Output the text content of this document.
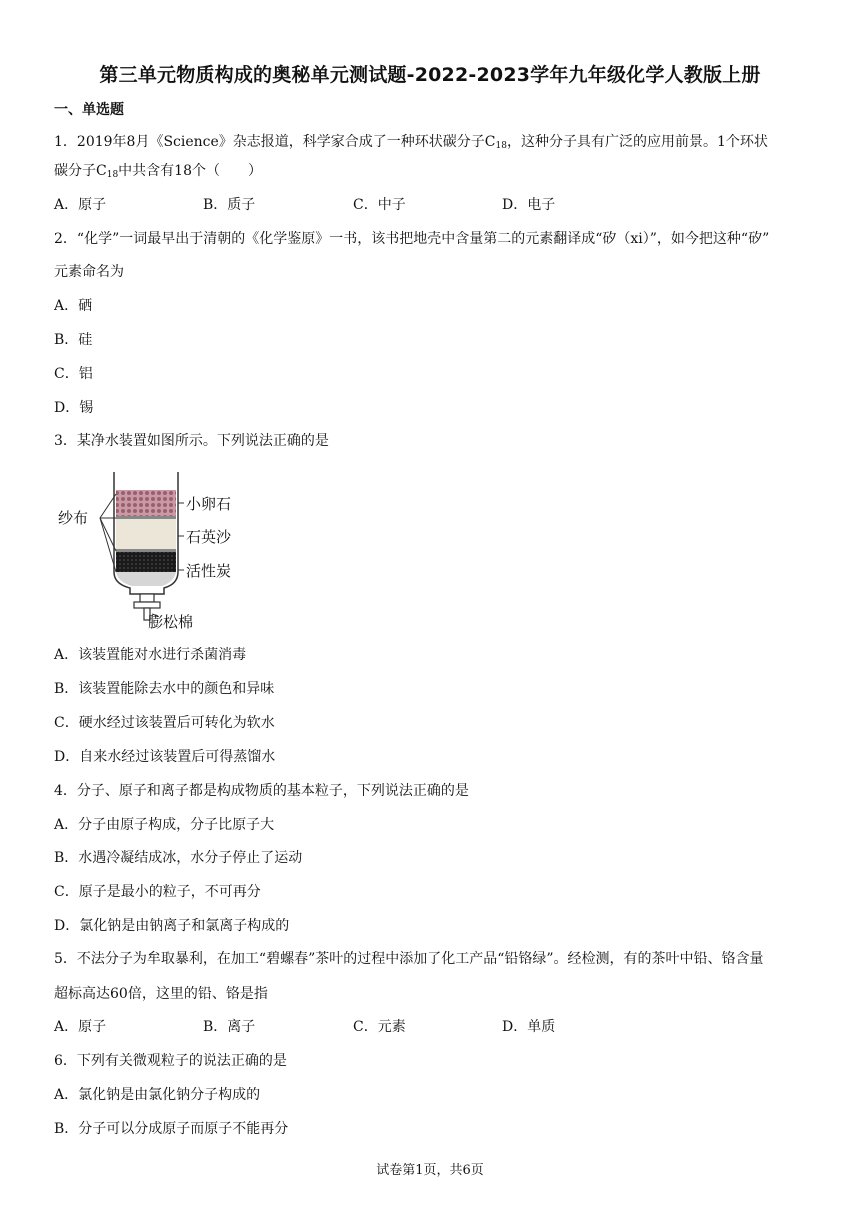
第三单元物质构成的奥秘单元测试题-2022-2023学年九年级化学人教版上册
一、单选题
1．2019年8月《Science》杂志报道，科学家合成了一种环状碳分子$C_{18}$，这种分子具有广泛的应用前景。1个环状
碳分子$C_{18}$中共含有18个（　　）
A．原子	B．质子	C．中子	D．电子
2．“化学”一词最早出于清朝的《化学鉴原》一书，该书把地壳中含量第二的元素翻译成“矽（xi）”，如今把这种“矽”
元素命名为
A．硒
B．硅
C．铝
D．锡
3．某净水装置如图所示。下列说法正确的是
纱布
小卵石
石英沙
活性炭
膨松棉
A．该装置能对水进行杀菌消毒
B．该装置能除去水中的颜色和异味
C．硬水经过该装置后可转化为软水
D．自来水经过该装置后可得蒸馏水
4．分子、原子和离子都是构成物质的基本粒子，下列说法正确的是
A．分子由原子构成，分子比原子大
B．水遇冷凝结成冰，水分子停止了运动
C．原子是最小的粒子，不可再分
D．氯化钠是由钠离子和氯离子构成的
5．不法分子为牟取暴利，在加工“碧螺春”茶叶的过程中添加了化工产品“铅铬绿”。经检测，有的茶叶中铅、铬含量
超标高达60倍，这里的铅、铬是指
A．原子	B．离子	C．元素	D．单质
6．下列有关微观粒子的说法正确的是
A．氯化钠是由氯化钠分子构成的
B．分子可以分成原子而原子不能再分
试卷第1页，共6页
